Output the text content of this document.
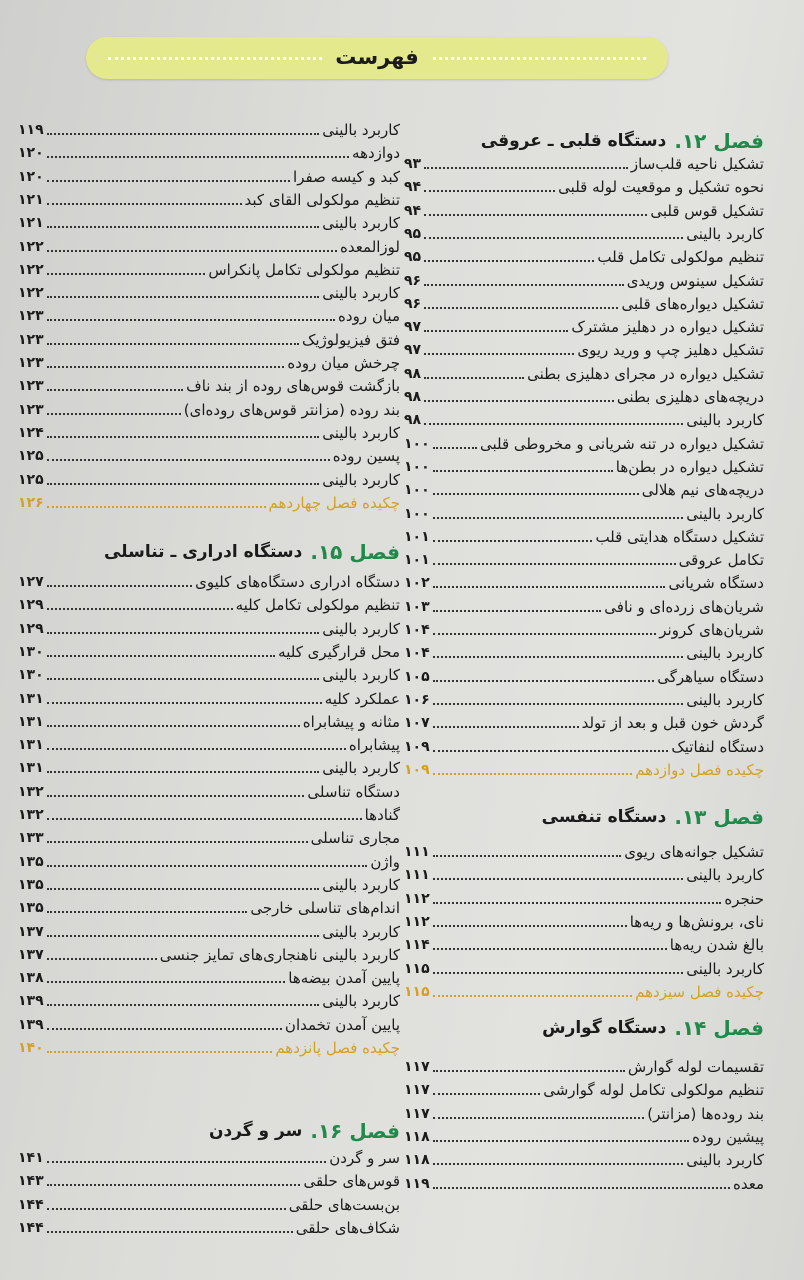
فهرست
فصل ۱۲.
دستگاه قلبی ـ عروقی
تشکیل ناحیه قلب‌ساز
۹۳
نحوه تشکیل و موقعیت لوله قلبی
۹۴
تشکیل قوس قلبی
۹۴
کاربرد بالینی
۹۵
تنظیم مولکولی تکامل قلب
۹۵
تشکیل سینوس وریدی
۹۶
تشکیل دیواره‌های قلبی
۹۶
تشکیل دیواره در دهلیز مشترک
۹۷
تشکیل دهلیز چپ و ورید ریوی
۹۷
تشکیل دیواره در مجرای دهلیزی بطنی
۹۸
دریچه‌های دهلیزی بطنی
۹۸
کاربرد بالینی
۹۸
تشکیل دیواره در تنه شریانی و مخروطی قلبی
۱۰۰
تشکیل دیواره در بطن‌ها
۱۰۰
دریچه‌های نیم هلالی
۱۰۰
کاربرد بالینی
۱۰۰
تشکیل دستگاه هدایتی قلب
۱۰۱
تکامل عروقی
۱۰۱
دستگاه شریانی
۱۰۲
شریان‌های زرده‌ای و نافی
۱۰۳
شریان‌های کرونر
۱۰۴
کاربرد بالینی
۱۰۴
دستگاه سیاهرگی
۱۰۵
کاربرد بالینی
۱۰۶
گردش خون قبل و بعد از تولد
۱۰۷
دستگاه لنفاتیک
۱۰۹
چکیده فصل دوازدهم
۱۰۹
فصل ۱۳.
دستگاه تنفسی
تشکیل جوانه‌های ریوی
۱۱۱
کاربرد بالینی
۱۱۱
حنجره
۱۱۲
نای، برونش‌ها و ریه‌ها
۱۱۲
بالغ شدن ریه‌ها
۱۱۴
کاربرد بالینی
۱۱۵
چکیده فصل سیزدهم
۱۱۵
فصل ۱۴.
دستگاه گوارش
تقسیمات لوله گوارش
۱۱۷
تنظیم مولکولی تکامل لوله گوارشی
۱۱۷
بند روده‌ها (مزانتر)
۱۱۷
پیشین روده
۱۱۸
کاربرد بالینی
۱۱۸
معده
۱۱۹
کاربرد بالینی
۱۱۹
دوازدهه
۱۲۰
کبد و کیسه صفرا
۱۲۰
تنظیم مولکولی القای کبد
۱۲۱
کاربرد بالینی
۱۲۱
لوزالمعده
۱۲۲
تنظیم مولکولی تکامل پانکراس
۱۲۲
کاربرد بالینی
۱۲۲
میان روده
۱۲۳
فتق فیزیولوژیک
۱۲۳
چرخش میان روده
۱۲۳
بازگشت قوس‌های روده از بند ناف
۱۲۳
بند روده (مزانتر قوس‌های روده‌ای)
۱۲۳
کاربرد بالینی
۱۲۴
پسین روده
۱۲۵
کاربرد بالینی
۱۲۵
چکیده فصل چهاردهم
۱۲۶
فصل ۱۵.
دستگاه ادراری ـ تناسلی
دستگاه ادراری دستگاه‌های کلیوی
۱۲۷
تنظیم مولکولی تکامل کلیه
۱۲۹
کاربرد بالینی
۱۲۹
محل قرارگیری کلیه
۱۳۰
کاربرد بالینی
۱۳۰
عملکرد کلیه
۱۳۱
مثانه و پیشابراه
۱۳۱
پیشابراه
۱۳۱
کاربرد بالینی
۱۳۱
دستگاه تناسلی
۱۳۲
گنادها
۱۳۲
مجاری تناسلی
۱۳۳
واژن
۱۳۵
کاربرد بالینی
۱۳۵
اندام‌های تناسلی خارجی
۱۳۵
کاربرد بالینی
۱۳۷
کاربرد بالینی ناهنجاری‌های تمایز جنسی
۱۳۷
پایین آمدن بیضه‌ها
۱۳۸
کاربرد بالینی
۱۳۹
پایین آمدن تخمدان
۱۳۹
چکیده فصل پانزدهم
۱۴۰
فصل ۱۶.
سر و گردن
سر و گردن
۱۴۱
قوس‌های حلقی
۱۴۳
بن‌بست‌های حلقی
۱۴۴
شکاف‌های حلقی
۱۴۴
